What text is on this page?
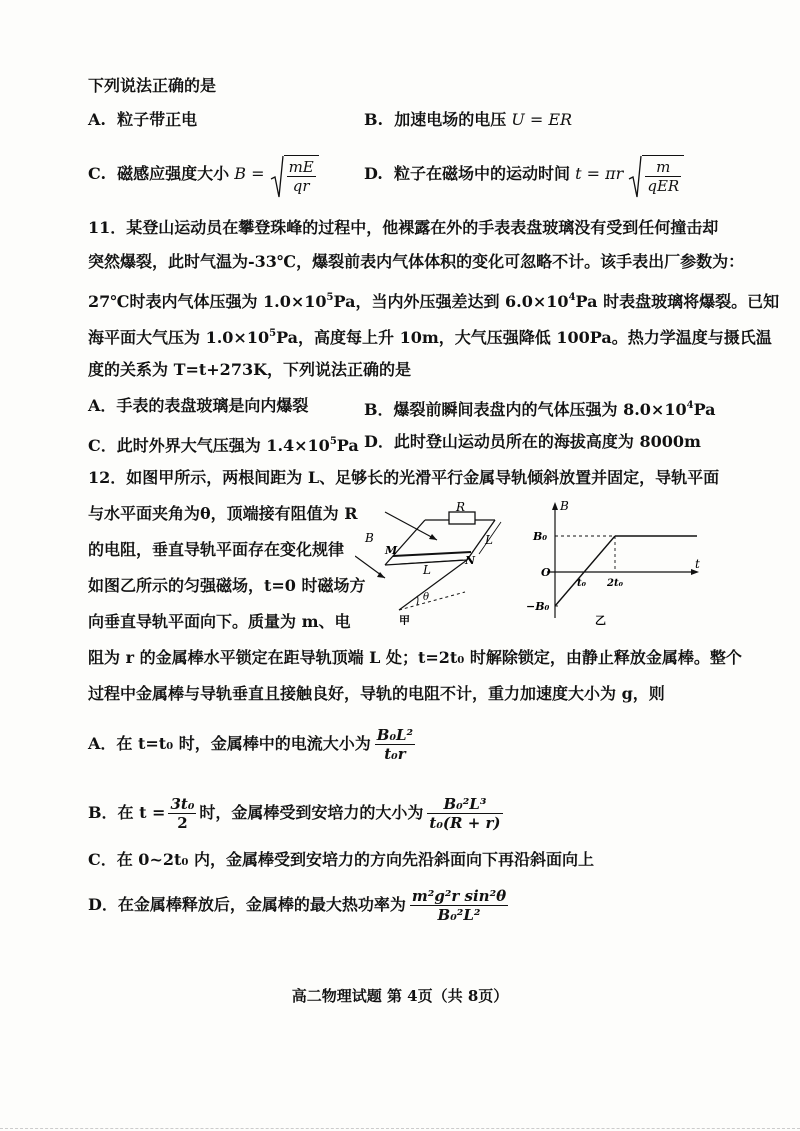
下列说法正确的是
A. 粒子带正电	B. 加速电场的电压 U = ER
C. 磁感应强度大小 $B = \frac{mE}{qr}$	D. 粒子在磁场中的运动时间 t = πr $\frac{m}{\text{qER}}$
11．某登山运动员在攀登珠峰的过程中，他裸露在外的手表表盘玻璃没有受到任何撞击却
突然爆裂，此时气温为-33℃，爆裂前表内气体体积的变化可忽略不计。该手表出厂参数为：
27℃时表内气体压强为 $1.0\times 10^5Pa$，当内外压强差达到 $6.0\times 10^4Pa$ 时表盘玻璃将爆裂。已知
海平面大气压为 $1.0\times 10^5Pa$，高度每上升 10m，大气压强降低 100Pa。热力学温度与摄氏温
度的关系为 T=t+273K，下列说法正确的是
A．手表的表盘玻璃是向内爆裂	B．爆裂前瞬间表盘内的气体压强为 $8.0\times 10^4Pa$
C．此时外界大气压强为 $1.4\times 10^5Pa$ D．此时登山运动员所在的海拔高度为 8000m
12．如图甲所示，两根间距为 L、足够长的光滑平行金属导轨倾斜放置并固定，导轨平面
与水平面夹角为θ，顶端接有阻值为 R
的电阻，垂直导轨平面存在变化规律
如图乙所示的匀强磁场，t=0 时磁场方
向垂直导轨平面向下。质量为 m、电
B
R
M
N
L
L
θ
甲
B
t
B₀
−B₀
O
t₀ 2t₀
乙
阻为 r 的金属棒水平锁定在距导轨顶端 L 处；t=2t₀ 时解除锁定，由静止释放金属棒。整个
过程中金属棒与导轨垂直且接触良好，导轨的电阻不计，重力加速度大小为 g，则
A．在 t=t₀ 时，金属棒中的电流大小为 $\frac{\text{B₀L²}}{\text{t₀r}}$
B．在 $t = \frac{\text{3t₀}}{2}$ 时，金属棒受到安培力的大小为 $\frac{\text{B₀²L³}}{\text{t₀(R + r)}}$
C．在 0~2t₀ 内，金属棒受到安培力的方向先沿斜面向下再沿斜面向上
D．在金属棒释放后，金属棒的最大热功率为 $\frac{\text{m²g²r sin²θ}}{\text{B₀²L²}}$
高二物理试题 第 4页（共 8页）
